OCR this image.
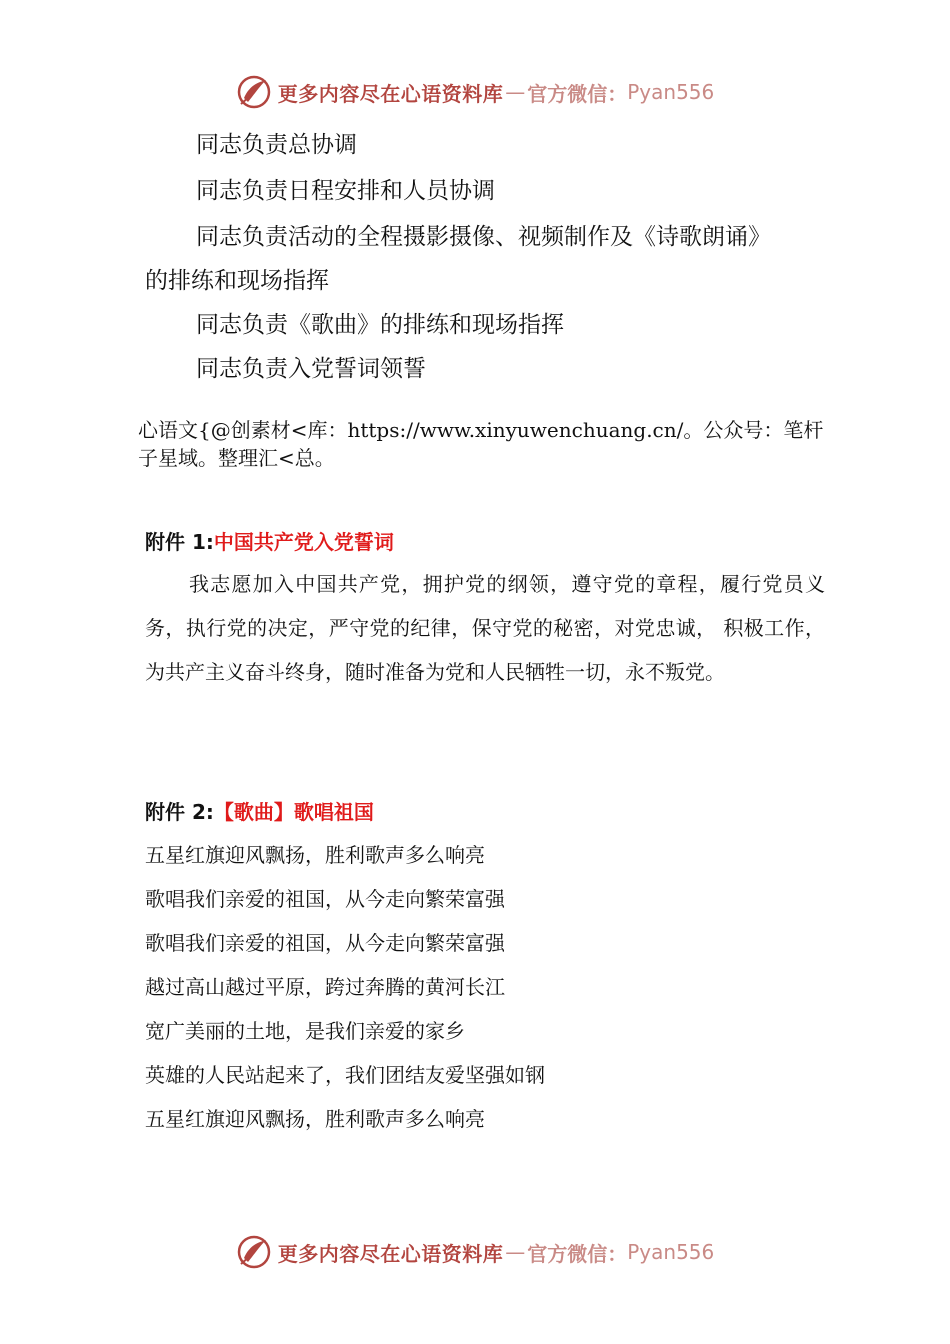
更多内容尽在心语资料库 — 官方微信： Pyan556
同志负责总协调
同志负责日程安排和人员协调
同志负责活动的全程摄影摄像、视频制作及《诗歌朗诵》
的排练和现场指挥
同志负责《歌曲》的排练和现场指挥
同志负责入党誓词领誓
心语文{@创素材<库：https://www.xinyuwenchuang.cn/。公众号：笔杆子星域。整理汇<总。
附件 1:中国共产党入党誓词
我志愿加入中国共产党，拥护党的纲领，遵守党的章程，履行党员义务，执行党的决定，严守党的纪律，保守党的秘密，对党忠诚， 积极工作，为共产主义奋斗终身，随时准备为党和人民牺牲一切，永不叛党。
附件 2:【歌曲】歌唱祖国
五星红旗迎风飘扬，胜利歌声多么响亮
歌唱我们亲爱的祖国，从今走向繁荣富强
歌唱我们亲爱的祖国，从今走向繁荣富强
越过高山越过平原，跨过奔腾的黄河长江
宽广美丽的土地，是我们亲爱的家乡
英雄的人民站起来了，我们团结友爱坚强如钢
五星红旗迎风飘扬，胜利歌声多么响亮
更多内容尽在心语资料库 — 官方微信： Pyan556
